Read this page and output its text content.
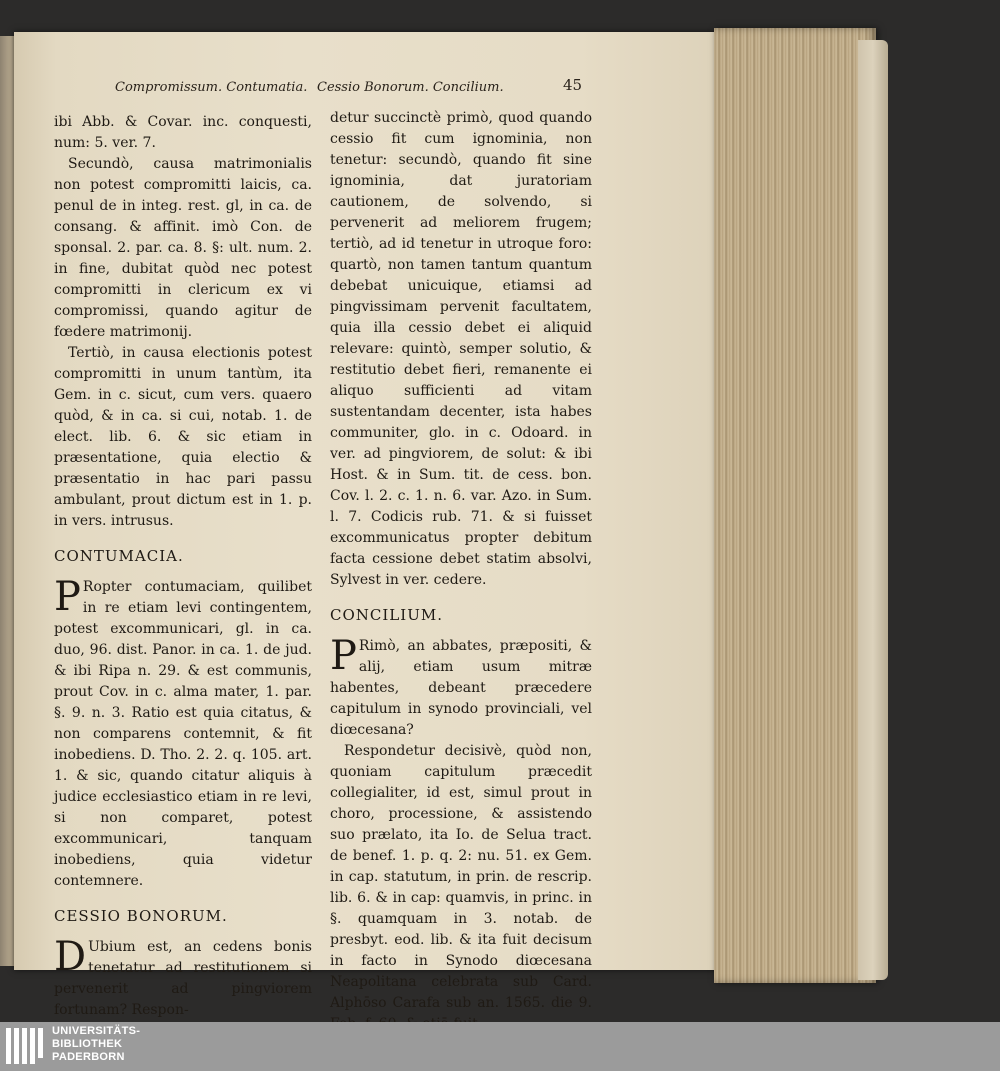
Compromissum. Contumatia. Cessio Bonorum. Concilium.	45

ibi Abb. & Covar. inc. conquesti, num: 5. ver. 7.

Secundò, causa matrimonialis non potest compromitti laicis, ca. penul de in integ. rest. gl, in ca. de consang. & affinit. imò Con. de sponsal. 2. par. ca. 8. §: ult. num. 2. in fine, dubitat quòd nec potest compromitti in clericum ex vi compromissi, quando agitur de fœdere matrimonij.

Tertiò, in causa electionis potest compromitti in unum tantùm, ita Gem. in c. sicut, cum vers. quaero quòd, & in ca. si cui, notab. 1. de elect. lib. 6. & sic etiam in præsentatione, quia electio & præsentatio in hac pari passu ambulant, prout dictum est in 1. p. in vers. intrusus.

CONTUMACIA.

P Ropter contumaciam, quilibet in re etiam levi contingentem, potest excommunicari, gl. in ca. duo, 96. dist. Panor. in ca. 1. de jud. & ibi Ripa n. 29. & est communis, prout Cov. in c. alma mater, 1. par. §. 9. n. 3. Ratio est quia citatus, & non comparens contemnit, & fit inobediens. D. Tho. 2. 2. q. 105. art. 1. & sic, quando citatur aliquis à judice ecclesiastico etiam in re levi, si non comparet, potest excommunicari, tanquam inobediens, quia videtur contemnere.

CESSIO BONORUM.

D Ubium est, an cedens bonis tenetatur ad restitutionem si pervenerit ad pingviorem fortunam? Respon-

detur succinctè primò, quod quando cessio fit cum ignominia, non tenetur: secundò, quando fit sine ignominia, dat juratoriam cautionem, de solvendo, si pervenerit ad meliorem frugem; tertiò, ad id tenetur in utroque foro: quartò, non tamen tantum quantum debebat unicuique, etiamsi ad pingvissimam pervenit facultatem, quia illa cessio debet ei aliquid relevare: quintò, semper solutio, & restitutio debet fieri, remanente ei aliquo sufficienti ad vitam sustentandam decenter, ista habes communiter, glo. in c. Odoard. in ver. ad pingviorem, de solut: & ibi Host. & in Sum. tit. de cess. bon. Cov. l. 2. c. 1. n. 6. var. Azo. in Sum. l. 7. Codicis rub. 71. & si fuisset excommunicatus propter debitum facta cessione debet statim absolvi, Sylvest in ver. cedere.

CONCILIUM.

P Rimò, an abbates, præpositi, & alij, etiam usum mitræ habentes, debeant præcedere capitulum in synodo provinciali, vel diœcesana?

Respondetur decisivè, quòd non, quoniam capitulum præcedit collegialiter, id est, simul prout in choro, processione, & assistendo suo prælato, ita Io. de Selua tract. de benef. 1. p. q. 2: nu. 51. ex Gem. in cap. statutum, in prin. de rescrip. lib. 6. & in cap: quamvis, in princ. in §. quamquam in 3. notab. de presbyt. eod. lib. & ita fuit decisum in facto in Synodo diœcesana Neapolitana celebrata sub Card. Alphōso Carafa sub an. 1565. die 9.

UNIVERSITÄTS-
BIBLIOTHEK
PADERBORN
